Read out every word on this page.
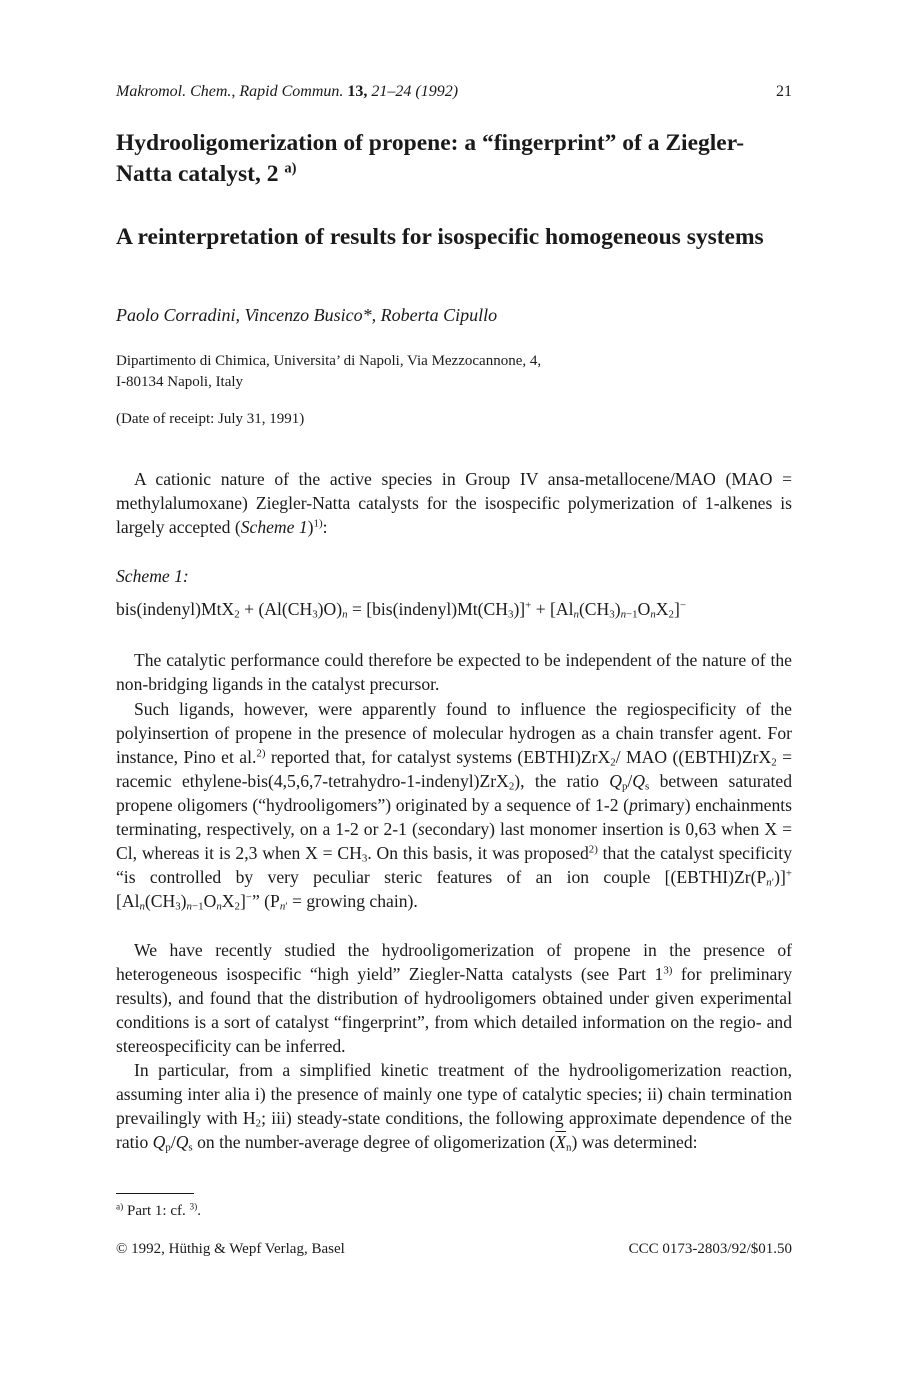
Makromol. Chem., Rapid Commun. 13, 21–24 (1992)	21
Hydrooligomerization of propene: a “fingerprint” of a Ziegler-Natta catalyst, 2 $^{a)}$
A reinterpretation of results for isospecific homogeneous systems
Paolo Corradini, Vincenzo Busico*, Roberta Cipullo
Dipartimento di Chimica, Universita’ di Napoli, Via Mezzocannone, 4,
I-80134 Napoli, Italy
(Date of receipt: July 31, 1991)
A cationic nature of the active species in Group IV ansa-metallocene/MAO (MAO = methylalumoxane) Ziegler-Natta catalysts for the isospecific polymerization of 1-alkenes is largely accepted (Scheme 1)$^{1)}$:
Scheme 1:
bis(indenyl)MtX$_2$ + $(Al(CH_3)O)_n$ = $[bis(indenyl)Mt(CH_3)]^+ + [Al_n(CH_3)_{n-1}O_nX_2]^-$
The catalytic performance could therefore be expected to be independent of the nature of the non-bridging ligands in the catalyst precursor.
Such ligands, however, were apparently found to influence the regiospecificity of the polyinsertion of propene in the presence of molecular hydrogen as a chain transfer agent. For instance, Pino et al.$^{2)}$ reported that, for catalyst systems (EBTHI)ZrX$_2$/ MAO ((EBTHI)ZrX$_2$ = racemic ethylene-bis(4,5,6,7-tetrahydro-1-indenyl)ZrX$_2$), the ratio $Q_p/Q_s$ between saturated propene oligomers (“hydrooligomers”) originated by a sequence of 1-2 (primary) enchainments terminating, respectively, on a 1-2 or 2-1 (secondary) last monomer insertion is 0,63 when X = Cl, whereas it is 2,3 when $X = CH_3$. On this basis, it was proposed$^{2)}$ that the catalyst specificity “is controlled by very peculiar steric features of an ion couple $[(EBTHI)Zr(P_{n'})]^+[Al_n(CH_3)_{n-1}O_nX_2]^-$” ($P_{n'}$ = growing chain).
We have recently studied the hydrooligomerization of propene in the presence of heterogeneous isospecific “high yield” Ziegler-Natta catalysts (see Part 1$^{3)}$ for preliminary results), and found that the distribution of hydrooligomers obtained under given experimental conditions is a sort of catalyst “fingerprint”, from which detailed information on the regio- and stereospecificity can be inferred.
In particular, from a simplified kinetic treatment of the hydrooligomerization reaction, assuming inter alia i) the presence of mainly one type of catalytic species; ii) chain termination prevailingly with $H_2$; iii) steady-state conditions, the following approximate dependence of the ratio $Q_p/Q_s$ on the number-average degree of oligomerization $(\overline{X}_n)$ was determined:
$^{a)}$ Part 1: cf. $^{3)}$.
© 1992, Hüthig & Wepf Verlag, Basel	CCC 0173-2803/92/$01.50
